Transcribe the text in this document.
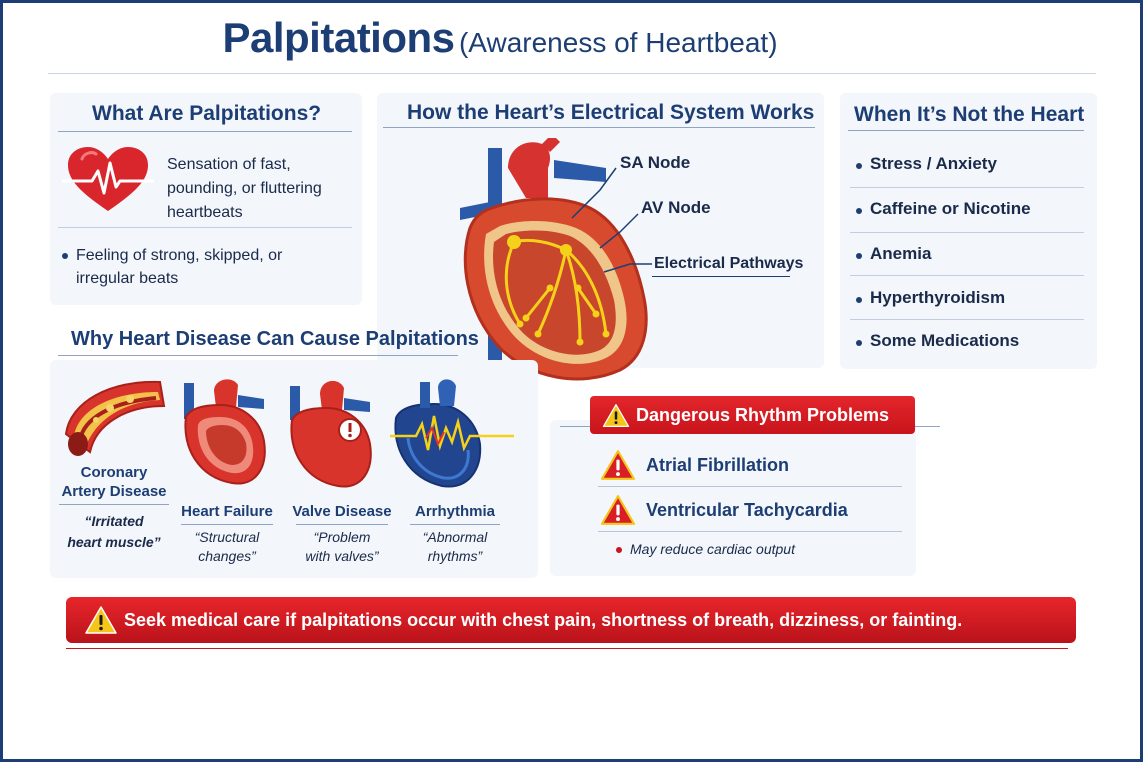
Palpitations (Awareness of Heartbeat)
What Are Palpitations?
Sensation of fast, pounding, or fluttering heartbeats
Feeling of strong, skipped, or irregular beats
How the Heart’s Electrical System Works
SA Node
AV Node
Electrical Pathways
When It’s Not the Heart
Stress / Anxiety
Caffeine or Nicotine
Anemia
Hyperthyroidism
Some Medications
Why Heart Disease Can Cause Palpitations
Coronary
Artery Disease
“Irritated
heart muscle”
Heart Failure
“Structural
changes”
Valve Disease
“Problem
with valves”
Arrhythmia
“Abnormal
rhythms”
Dangerous Rhythm Problems
Atrial Fibrillation
Ventricular Tachycardia
May reduce cardiac output
Seek medical care if palpitations occur with chest pain, shortness of breath, dizziness, or fainting.
